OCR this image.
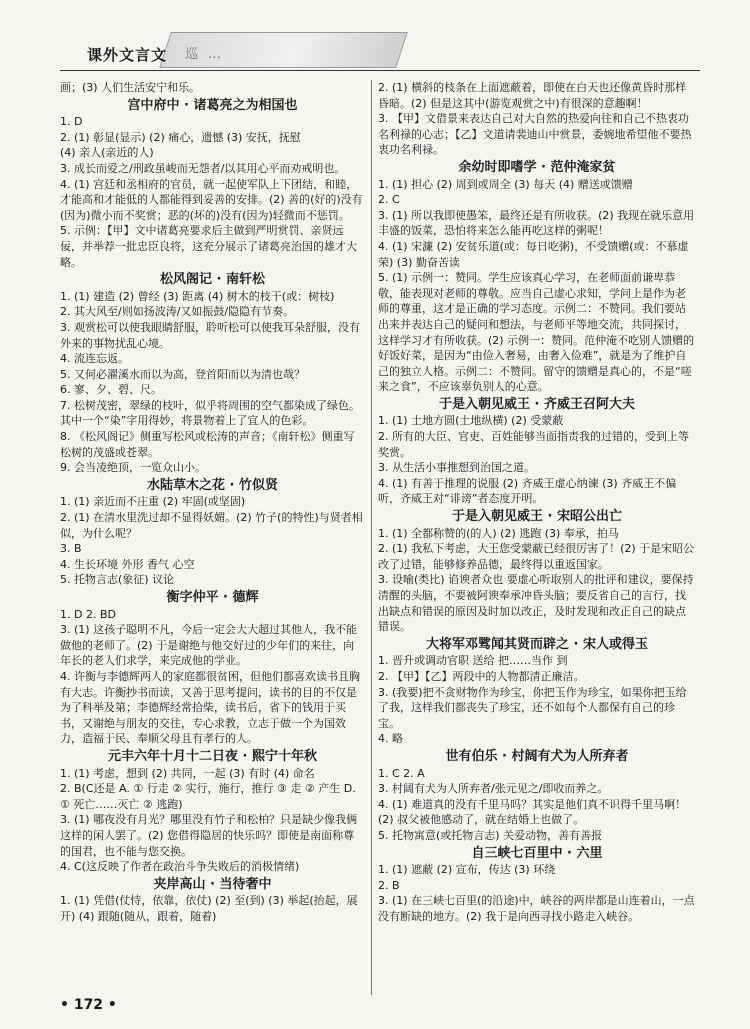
巡…
课外文言文
画；(3) 人们生活安宁和乐。
宫中府中 · 诸葛亮之为相国也
1. D
2. (1) 彰显(显示) (2) 痛心，遗憾 (3) 安抚，抚慰
(4) 亲人(亲近的人)
3. 成长而爱之/刑政虽峻而无怨者/以其用心平而劝戒明也。
4. (1) 宫廷和丞相府的官员，就一起使军队上下团结，和睦，才能高和才能低的人都能得到妥善的安排。(2) 善的(好的)没有(因为)微小而不奖赏；恶的(坏的)没有(因为)轻微而不惩罚。
5. 示例：【甲】文中诸葛亮要求后主做到严明赏罚、亲贤远佞，并举荐一批忠臣良将，这充分展示了诸葛亮治国的雄才大略。
松风阁记 · 南轩松
1. (1) 建造 (2) 曾经 (3) 距离 (4) 树木的枝干(或：树枝)
2. 其大风至/则如扬波涛/又如振鼓/隐隐有节奏。
3. 观赏松可以使我眼睛舒服，聆听松可以使我耳朵舒服，没有外来的事物扰乱心境。
4. 流连忘返。
5. 又何必濯溪水而以为高，登首阳而以为清也哉？
6. 寥、夕、碧、尺。
7. 松树茂密，翠绿的枝叶，似乎将周围的空气都染成了绿色。其中一个“染”字用得妙，将景物着上了宜人的色彩。
8. 《松风阁记》侧重写松风或松涛的声音；《南轩松》侧重写松树的茂盛或苍翠。
9. 会当凌绝顶，一览众山小。
水陆草木之花 · 竹似贤
1. (1) 亲近而不庄重 (2) 牢固(或坚固)
2. (1) 在清水里洗过却不显得妖媚。(2) 竹子(的特性)与贤者相似，为什么呢？
3. B
4. 生长环境 外形 香气 心空
5. 托物言志(象征) 议论
衡字仲平 · 德辉
1. D 2. BD
3. (1) 这孩子聪明不凡，今后一定会大大超过其他人，我不能做他的老师了。(2) 于是谢绝与他交好过的少年们的来往，向年长的老人们求学，来完成他的学业。
4. 许衡与李德辉两人的家庭都很贫困，但他们都喜欢读书且胸有大志。许衡抄书而读，又善于思考提问，读书的目的不仅是为了科举及第；李德辉经常拾柴，读书后，省下的钱用于买书，又谢绝与朋友的交往，专心求教，立志于做一个为国效力，造福于民、奉顺父母且有孝行的人。
元丰六年十月十二日夜 · 熙宁十年秋
1. (1) 考虑，想到 (2) 共同，一起 (3) 有时 (4) 命名
2. B(C还是 A. ① 行走 ② 实行，施行，推行 ③ 走 ② 产生 D. ① 死亡……灭亡 ② 逃跑)
3. (1) 哪夜没有月光？哪里没有竹子和松柏？只是缺少像我俩这样的闲人罢了。(2) 您借得隐居的快乐吗？即使是南面称尊的国君，也不能与您交换。
4. C(这反映了作者在政治斗争失败后的消极情绪)
夹岸高山 · 当待奢中
1. (1) 凭借(仗恃，依靠，依仗) (2) 至(到) (3) 举起(抬起，展开) (4) 跟随(随从，跟着，随着)
2. (1) 横斜的枝条在上面遮蔽着，即使在白天也还像黄昏时那样昏暗。(2) 但是这其中(游览观赏之中)有很深的意趣啊！
3. 【甲】文借景来表达自己对大自然的热爱向往和自己不热衷功名利禄的心志；【乙】文道请裴迪山中赏景，委婉地希望他不要热衷功名利禄。
余幼时即嗜学 · 范仲淹家贫
1. (1) 担心 (2) 周到或周全 (3) 每天 (4) 赠送或馈赠
2. C
3. (1) 所以我即使愚笨，最终还是有所收获。(2) 我现在就乐意用丰盛的饭菜，恐怕将来怎么能再吃这样的粥呢！
4. (1) 宋濂 (2) 安贫乐道(或：每日吃粥)，不受馈赠(或：不慕虚荣) (3) 勤奋苦读
5. (1) 示例一：赞同。学生应该真心学习，在老师面前谦卑恭敬，能表现对老师的尊敬。应当自己虚心求知，学问上是作为老师的尊重，这才是正确的学习态度。示例二：不赞同。我们要站出来并表达自己的疑问和想法，与老师平等地交流，共同探讨，这样学习才有所收获。(2) 示例一：赞同。范仲淹不吃别人馈赠的好饭好菜，是因为“由俭入奢易，由奢入俭难”，就是为了维护自己的独立人格。示例二：不赞同。留守的馈赠是真心的，不是“嗟来之食”，不应该辜负别人的心意。
于是入朝见威王 · 齐威王召阿大夫
1. (1) 土地方圆(土地纵横) (2) 受蒙蔽
2. 所有的大臣、官吏、百姓能够当面指责我的过错的，受到上等奖赏。
3. 从生活小事推想到治国之道。
4. (1) 有善于推理的说服 (2) 齐威王虚心纳谏 (3) 齐威王不偏听，齐威王对“诽谤”者态度开明。
于是入朝见威王 · 宋昭公出亡
1. (1) 全都称赞的(的人) (2) 逃跑 (3) 奉承，拍马
2. (1) 我私下考虑，大王您受蒙蔽已经很厉害了！(2) 于是宋昭公改了过错，能够修养品德，最终得以重返国家。
3. 设喻(类比) 谄谀者众也 要虚心听取别人的批评和建议，要保持清醒的头脑，不要被阿谀奉承冲昏头脑；要反省自己的言行，找出缺点和错误的原因及时加以改正，及时发现和改正自己的缺点错误。
大将军邓骘闻其贤而辟之 · 宋人或得玉
1. 晋升或调动官职 送给 把……当作 到
2. 【甲】【乙】两段中的人物都清正廉洁。
3. (我要)把不贪财物作为珍宝，你把玉作为珍宝，如果你把玉给了我，这样我们都丧失了珍宝，还不如每个人都保有自己的珍宝。
4. 略
世有伯乐 · 村阔有犬为人所弃者
1. C 2. A
3. 村阔有犬为人所弃者/张元见之/即收而养之。
4. (1) 难道真的没有千里马吗？其实是他们真不识得千里马啊！(2) 叔父被他感动了，就在结婚上也做了。
5. 托物寓意(或托物言志) 关爱动物，善有善报
自三峡七百里中 · 六里
1. (1) 遮蔽 (2) 宣布，传达 (3) 环绕
2. B
3. (1) 在三峡七百里(的沿途)中，峡谷的两岸都是山连着山，一点没有断缺的地方。(2) 我于是向西寻找小路走入峡谷。
• 172 •
